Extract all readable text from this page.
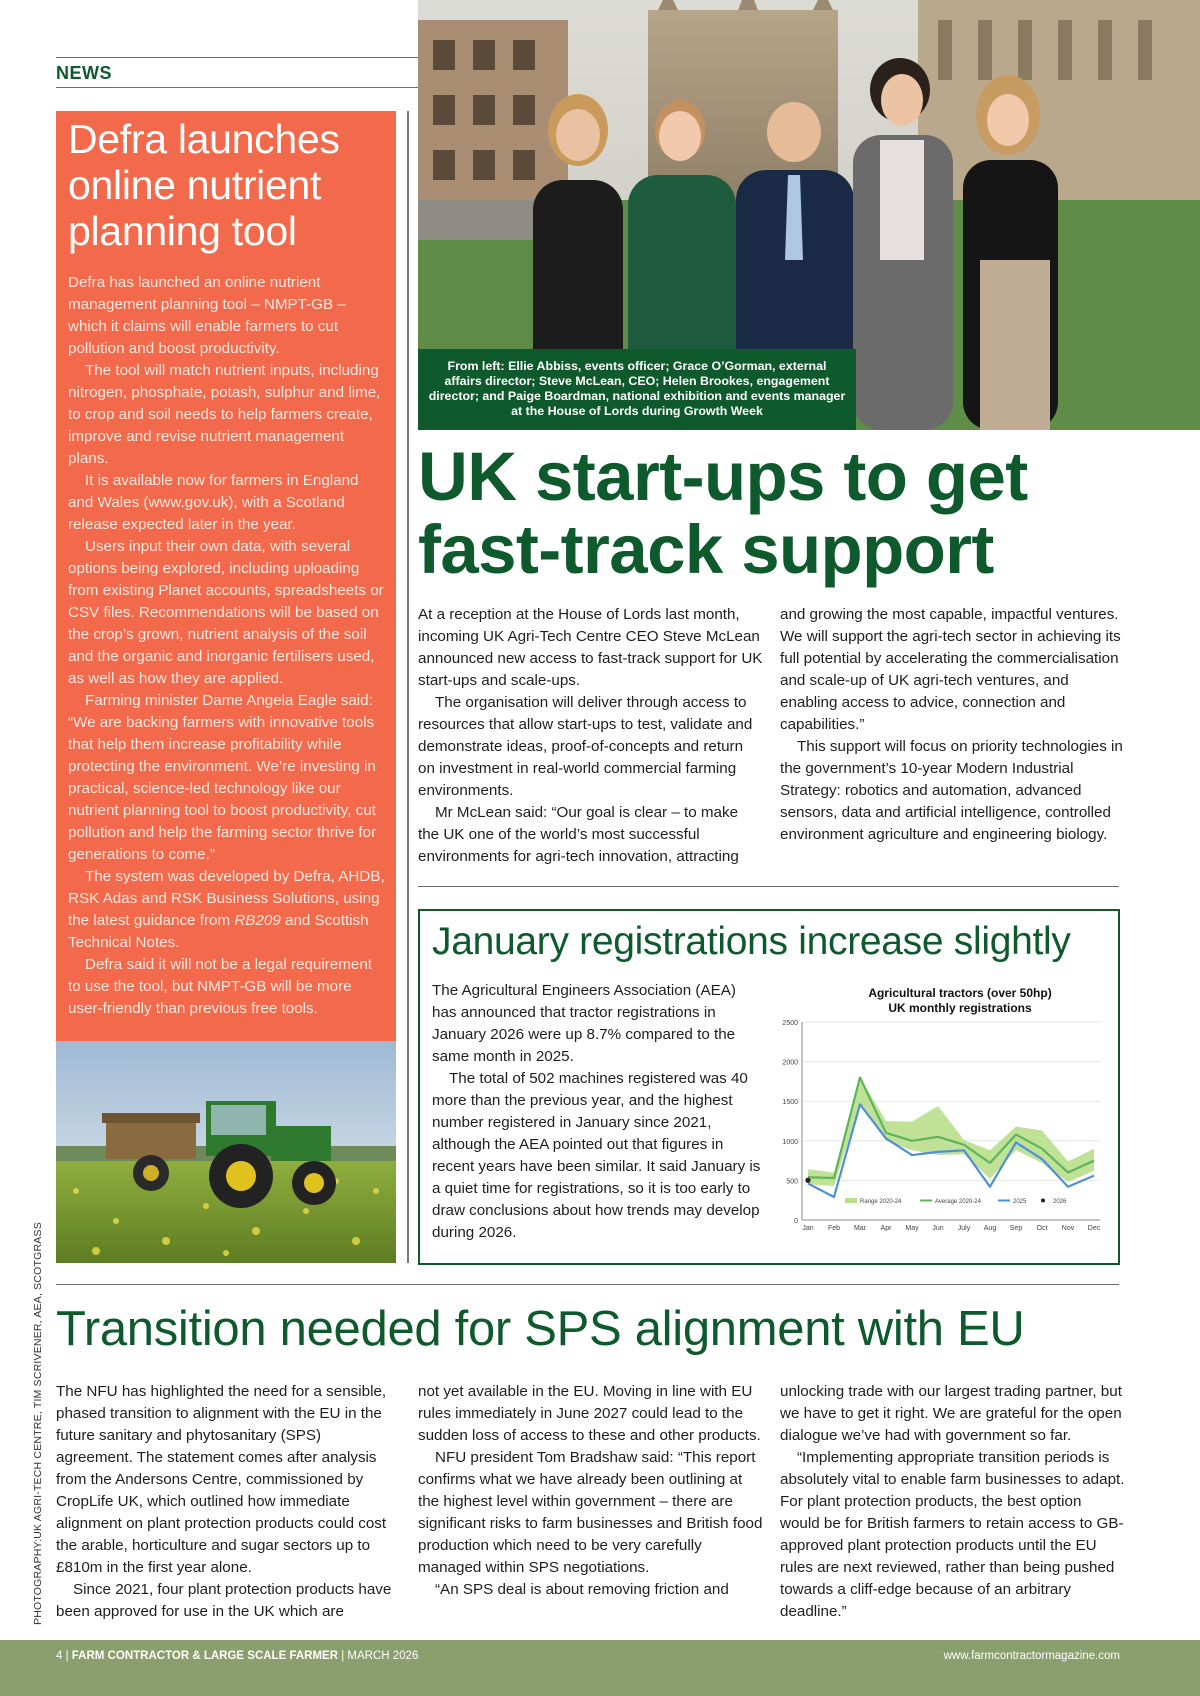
NEWS
Defra launches online nutrient planning tool

Defra has launched an online nutrient management planning tool – NMPT-GB – which it claims will enable farmers to cut pollution and boost productivity.

The tool will match nutrient inputs, including nitrogen, phosphate, potash, sulphur and lime, to crop and soil needs to help farmers create, improve and revise nutrient management plans.

It is available now for farmers in England and Wales (www.gov.uk), with a Scotland release expected later in the year.

Users input their own data, with several options being explored, including uploading from existing Planet accounts, spreadsheets or CSV files. Recommendations will be based on the crop’s grown, nutrient analysis of the soil and the organic and inorganic fertilisers used, as well as how they are applied.

Farming minister Dame Angela Eagle said: “We are backing farmers with innovative tools that help them increase profitability while protecting the environment. We’re investing in practical, science-led technology like our nutrient planning tool to boost productivity, cut pollution and help the farming sector thrive for generations to come.”

The system was developed by Defra, AHDB, RSK Adas and RSK Business Solutions, using the latest guidance from RB209 and Scottish Technical Notes.

Defra said it will not be a legal requirement to use the tool, but NMPT-GB will be more user-friendly than previous free tools.

PHOTOGRAPHY:UK AGRI-TECH CENTRE, TIM SCRIVENER, AEA, SCOTGRASS
From left: Ellie Abbiss, events officer; Grace O’Gorman, external affairs director; Steve McLean, CEO; Helen Brookes, engagement director; and Paige Boardman, national exhibition and events manager at the House of Lords during Growth Week
UK start-ups to get
fast-track support

At a reception at the House of Lords last month, incoming UK Agri-Tech Centre CEO Steve McLean announced new access to fast-track support for UK start-ups and scale-ups.

The organisation will deliver through access to resources that allow start-ups to test, validate and demonstrate ideas, proof-of-concepts and return on investment in real-world commercial farming environments.

Mr McLean said: “Our goal is clear – to make the UK one of the world’s most successful environments for agri-tech innovation, attracting

and growing the most capable, impactful ventures. We will support the agri-tech sector in achieving its full potential by accelerating the commercialisation and scale-up of UK agri-tech ventures, and enabling access to advice, connection and capabilities.”

This support will focus on priority technologies in the government’s 10-year Modern Industrial Strategy: robotics and automation, advanced sensors, data and artificial intelligence, controlled environment agriculture and engineering biology.

January registrations increase slightly

The Agricultural Engineers Association (AEA) has announced that tractor registrations in January 2026 were up 8.7% compared to the same month in 2025.

The total of 502 machines registered was 40 more than the previous year, and the highest number registered in January since 2021, although the AEA pointed out that figures in recent years have been similar. It said January is a quiet time for registrations, so it is too early to draw conclusions about how trends may develop during 2026.

Agricultural tractors (over 50hp)
UK monthly registrations
0
500
1000
1500
2000
2500
Jan Feb Mar Apr May Jun July Aug Sep Oct Nov Dec
Range 2020-24	Average 2020-24	2025	2026
Transition needed for SPS alignment with EU

The NFU has highlighted the need for a sensible, phased transition to alignment with the EU in the future sanitary and phytosanitary (SPS) agreement. The statement comes after analysis from the Andersons Centre, commissioned by CropLife UK, which outlined how immediate alignment on plant protection products could cost the arable, horticulture and sugar sectors up to £810m in the first year alone.

Since 2021, four plant protection products have been approved for use in the UK which are

not yet available in the EU. Moving in line with EU rules immediately in June 2027 could lead to the sudden loss of access to these and other products.

NFU president Tom Bradshaw said: “This report confirms what we have already been outlining at the highest level within government – there are significant risks to farm businesses and British food production which need to be very carefully managed within SPS negotiations.

“An SPS deal is about removing friction and

unlocking trade with our largest trading partner, but we have to get it right. We are grateful for the open dialogue we’ve had with government so far.

“Implementing appropriate transition periods is absolutely vital to enable farm businesses to adapt. For plant protection products, the best option would be for British farmers to retain access to GB-approved plant protection products until the EU rules are next reviewed, rather than being pushed towards a cliff-edge because of an arbitrary deadline.”

4 | FARM CONTRACTOR & LARGE SCALE FARMER | MARCH 2026	www.farmcontractormagazine.com
